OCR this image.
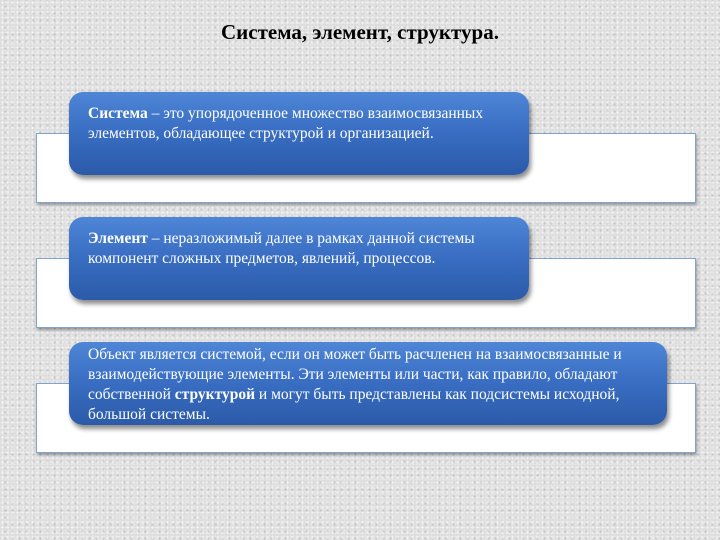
Система, элемент, структура.
Система – это упорядоченное множество взаимосвязанных элементов, обладающее структурой и организацией.
Элемент – неразложимый далее в рамках данной системы компонент сложных предметов, явлений, процессов.
Объект является системой, если он может быть расчленен на взаимосвязанные и взаимодействующие элементы. Эти элементы или части, как правило, обладают собственной структурой и могут быть представлены как подсистемы исходной, большой системы.
